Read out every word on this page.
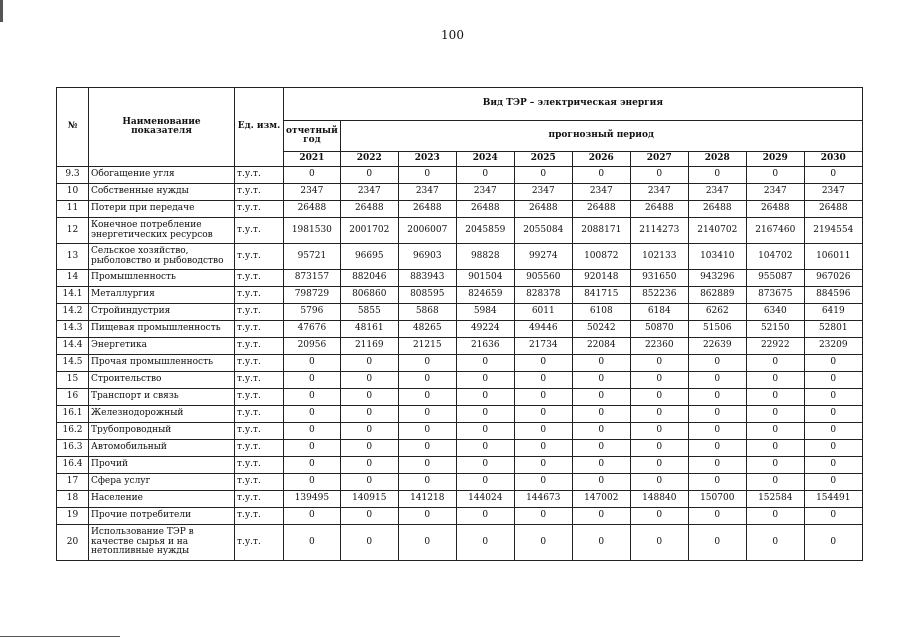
100
№	Наименование показателя	Ед. изм.	Вид ТЭР – электрическая энергия									
			отчетный год	прогнозный период								
			2021	2022	2023	2024	2025	2026	2027	2028	2029	2030
9.3	Обогащение угля	т.у.т.	0	0	0	0	0	0	0	0	0	0
10	Собственные нужды	т.у.т.	2347	2347	2347	2347	2347	2347	2347	2347	2347	2347
11	Потери при передаче	т.у.т.	26488	26488	26488	26488	26488	26488	26488	26488	26488	26488
12	Конечное потребление энергетических ресурсов	т.у.т.	1981530	2001702	2006007	2045859	2055084	2088171	2114273	2140702	2167460	2194554
13	Сельское хозяйство, рыболовство и рыбоводство	т.у.т.	95721	96695	96903	98828	99274	100872	102133	103410	104702	106011
14	Промышленность	т.у.т.	873157	882046	883943	901504	905560	920148	931650	943296	955087	967026
14.1	Металлургия	т.у.т.	798729	806860	808595	824659	828378	841715	852236	862889	873675	884596
14.2	Стройиндустрия	т.у.т.	5796	5855	5868	5984	6011	6108	6184	6262	6340	6419
14.3	Пищевая промышленность	т.у.т.	47676	48161	48265	49224	49446	50242	50870	51506	52150	52801
14.4	Энергетика	т.у.т.	20956	21169	21215	21636	21734	22084	22360	22639	22922	23209
14.5	Прочая промышленность	т.у.т.	0	0	0	0	0	0	0	0	0	0
15	Строительство	т.у.т.	0	0	0	0	0	0	0	0	0	0
16	Транспорт и связь	т.у.т.	0	0	0	0	0	0	0	0	0	0
16.1	Железнодорожный	т.у.т.	0	0	0	0	0	0	0	0	0	0
16.2	Трубопроводный	т.у.т.	0	0	0	0	0	0	0	0	0	0
16.3	Автомобильный	т.у.т.	0	0	0	0	0	0	0	0	0	0
16.4	Прочий	т.у.т.	0	0	0	0	0	0	0	0	0	0
17	Сфера услуг	т.у.т.	0	0	0	0	0	0	0	0	0	0
18	Население	т.у.т.	139495	140915	141218	144024	144673	147002	148840	150700	152584	154491
19	Прочие потребители	т.у.т.	0	0	0	0	0	0	0	0	0	0
20	Использование ТЭР в качестве сырья и на нетопливные нужды	т.у.т.	0	0	0	0	0	0	0	0	0	0
